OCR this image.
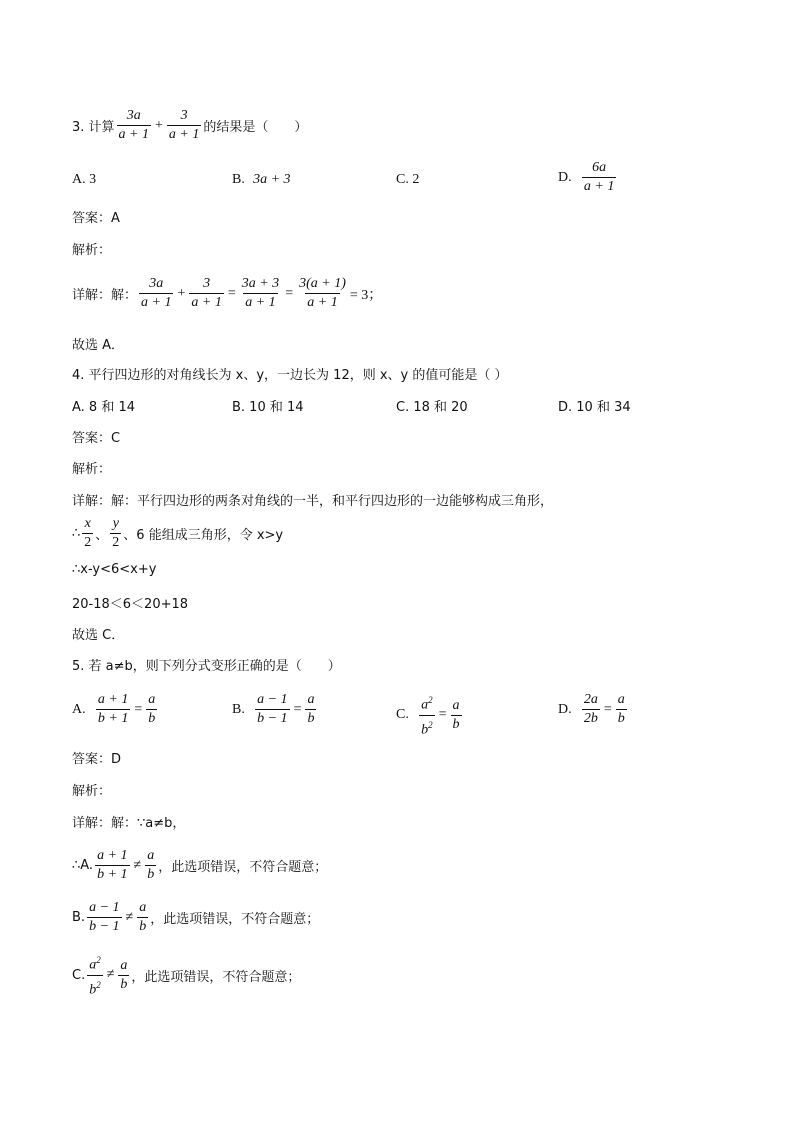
3. 计算 $\frac{3a}{a + 1} + \frac{3}{a + 1}$ 的结果是（　　）
A. 3	B.
3a + 3	C. 2	D.
$\frac{6a}{a + 1}$
答案：A
解析：
详解：解： $\frac{3a}{a + 1} + \frac{3}{a + 1} = \frac{3a + 3}{a + 1} = \frac{3(a + 1)}{a + 1} = 3$；
故选 A．
4. 平行四边形的对角线长为 x、y，一边长为 12，则 x、y 的值可能是（ ）
A. 8 和 14	B. 10 和 14	C. 18 和 20	D. 10 和 34
答案：C
解析：
详解：解：平行四边形的两条对角线的一半，和平行四边形的一边能够构成三角形，
∴ $\frac{x}{2}$ 、 $\frac{y}{2}$ 、6 能组成三角形，令 x>y
∴x-y<6<x+y
20-18＜6＜20+18
故选 C．
5. 若 a≠b，则下列分式变形正确的是（　　）
A.
$\frac{a + 1}{b + 1} = \frac{a}{b}$	B.
$\frac{a - 1}{b - 1} = \frac{a}{b}$	C.
$\frac{a^2}{b^2} = \frac{a}{b}$	D.
$\frac{2a}{2b} = \frac{a}{b}$
答案：D
解析：
详解：解：∵a≠b，
∴A. $\frac{a + 1}{b + 1} \ne \frac{a}{b}$ ，此选项错误，不符合题意；
B. $\frac{a - 1}{b - 1} \ne \frac{a}{b}$ ，此选项错误，不符合题意；
C. $\frac{a^2}{b^2} \ne \frac{a}{b}$ ，此选项错误，不符合题意；
